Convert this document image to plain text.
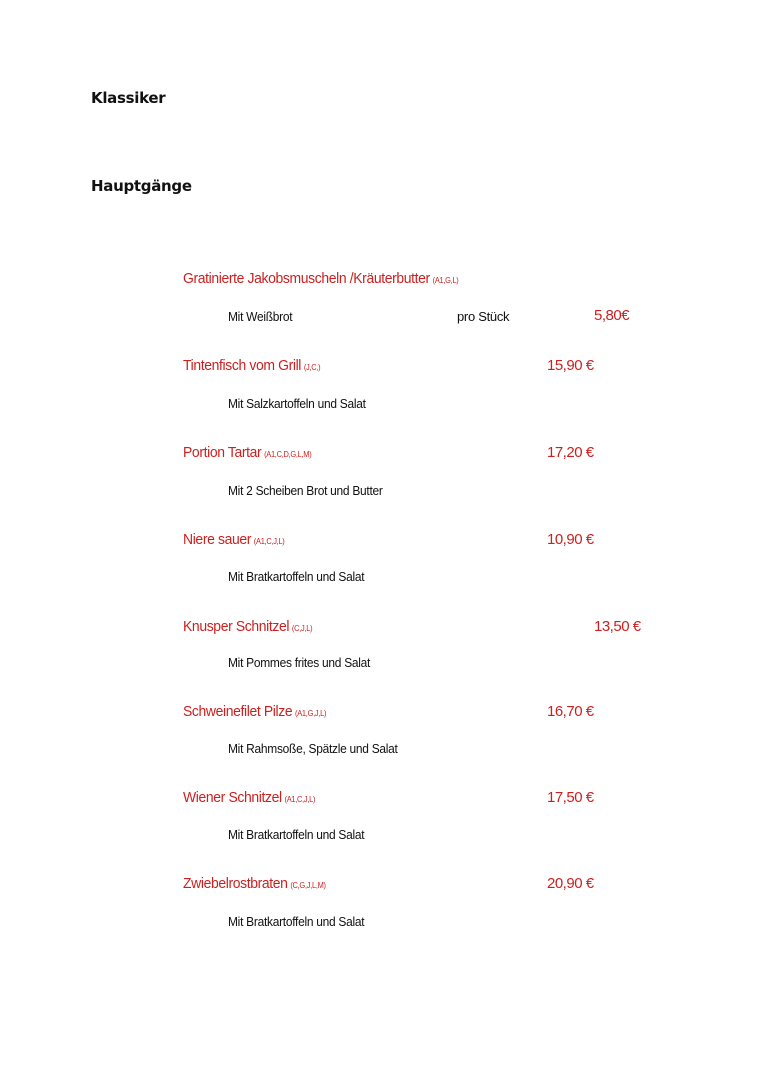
Klassiker
Hauptgänge
Gratinierte Jakobsmuscheln /Kräuterbutter (A1,G,L)
Mit Weißbrot	pro Stück	5,80€
Tintenfisch vom Grill (J,C,)
Mit Salzkartoffeln und Salat
15,90 €
Portion Tartar (A1,C,D,G,L,M)
Mit 2 Scheiben Brot und Butter
17,20 €
Niere sauer (A1,C,J,L)
Mit Bratkartoffeln und Salat
10,90 €
Knusper Schnitzel (C,J,L)
Mit Pommes frites und Salat
13,50 €
Schweinefilet Pilze (A1,G,J,L)
Mit Rahmsoße, Spätzle und Salat
16,70 €
Wiener Schnitzel (A1,C,J,L)
Mit Bratkartoffeln und Salat
17,50 €
Zwiebelrostbraten (C,G,J,L,M)
Mit Bratkartoffeln und Salat
20,90 €
